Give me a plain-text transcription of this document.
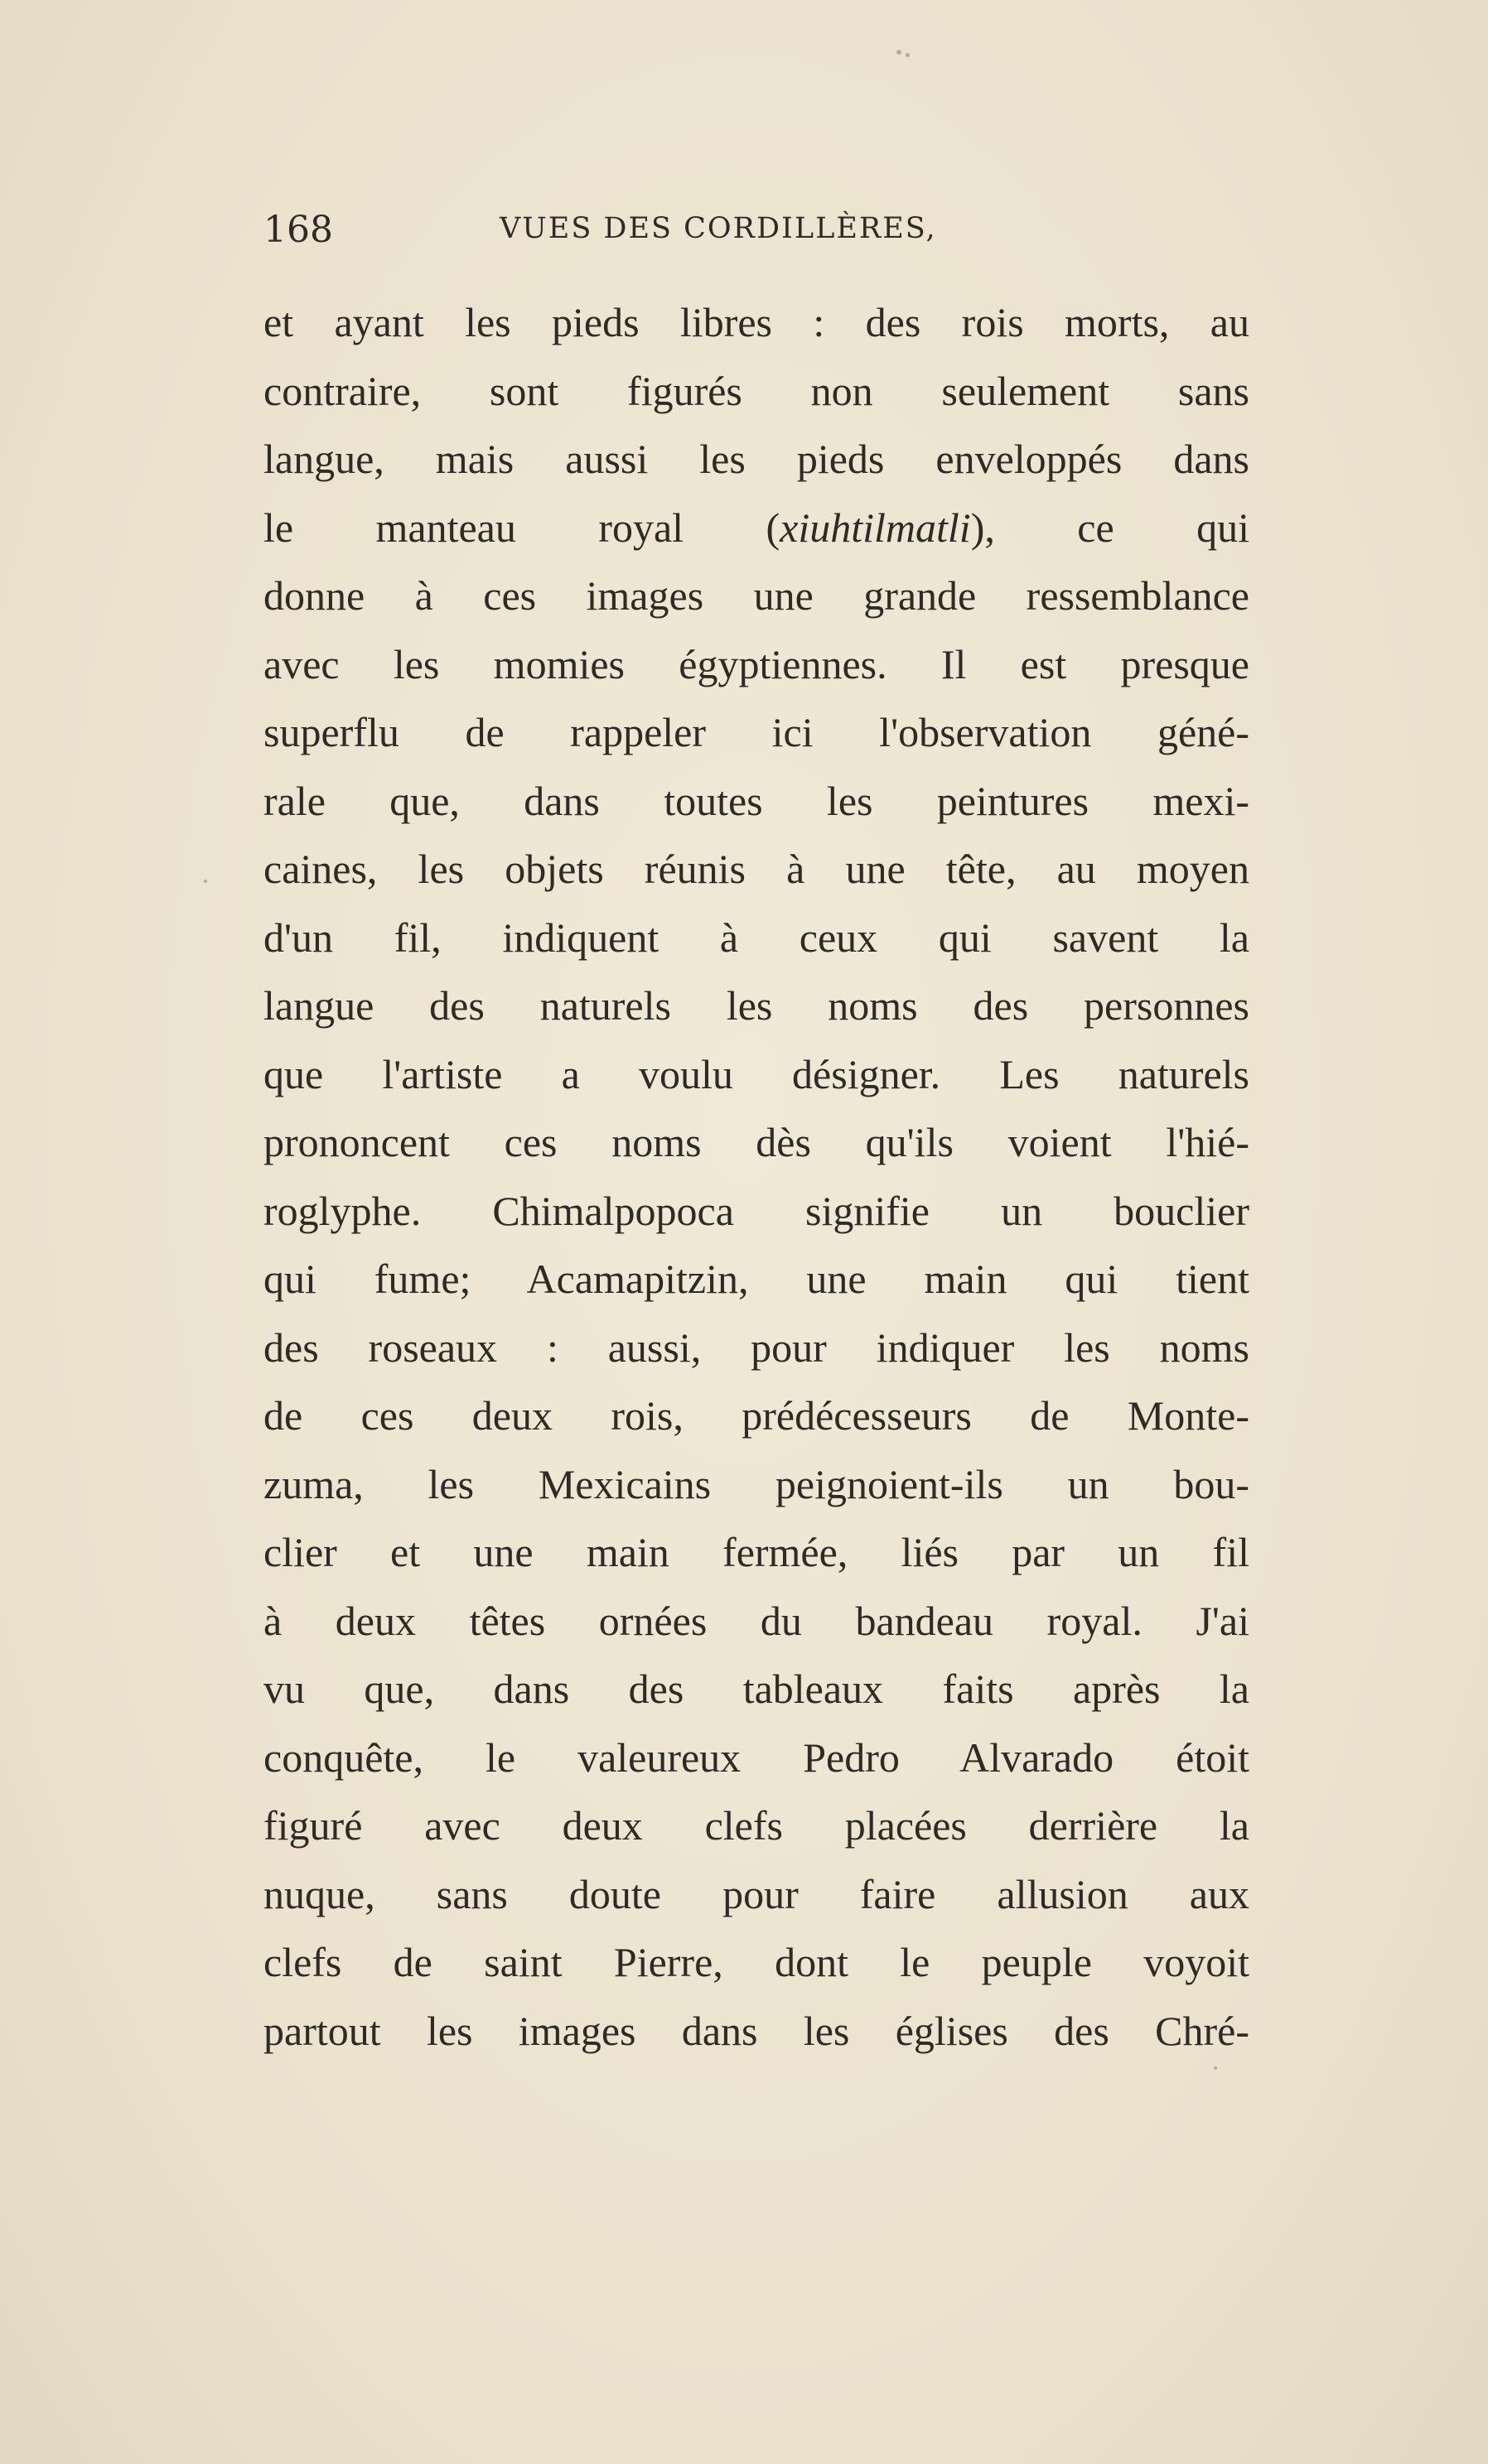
168	VUES DES CORDILLÈRES,
et ayant les pieds libres : des rois morts, au
contraire, sont figurés non seulement sans
langue, mais aussi les pieds enveloppés dans
le manteau royal (xiuhtilmatli), ce qui
donne à ces images une grande ressemblance
avec les momies égyptiennes. Il est presque
superflu de rappeler ici l'observation géné-
rale que, dans toutes les peintures mexi-
caines, les objets réunis à une tête, au moyen
d'un fil, indiquent à ceux qui savent la
langue des naturels les noms des personnes
que l'artiste a voulu désigner. Les naturels
prononcent ces noms dès qu'ils voient l'hié-
roglyphe. Chimalpopoca signifie un bouclier
qui fume; Acamapitzin, une main qui tient
des roseaux : aussi, pour indiquer les noms
de ces deux rois, prédécesseurs de Monte-
zuma, les Mexicains peignoient-ils un bou-
clier et une main fermée, liés par un fil
à deux têtes ornées du bandeau royal. J'ai
vu que, dans des tableaux faits après la
conquête, le valeureux Pedro Alvarado étoit
figuré avec deux clefs placées derrière la
nuque, sans doute pour faire allusion aux
clefs de saint Pierre, dont le peuple voyoit
partout les images dans les églises des Chré-
